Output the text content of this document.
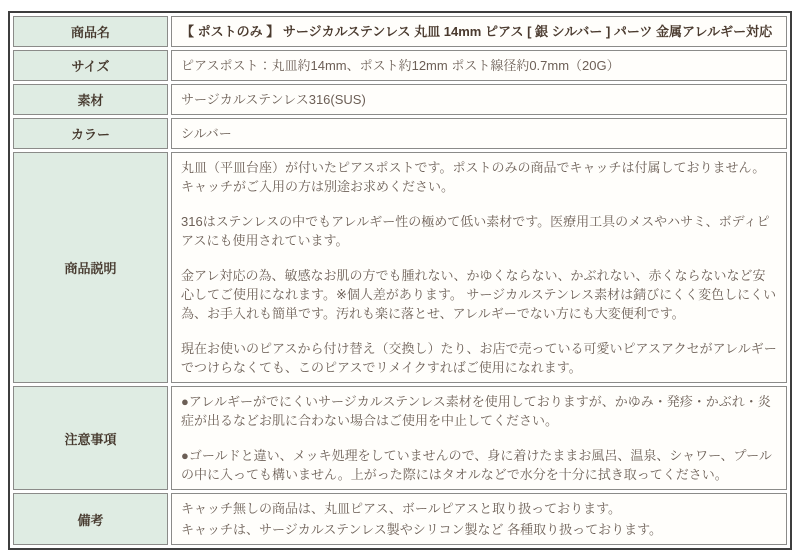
商品名	【 ポストのみ 】 サージカルステンレス 丸皿 14mm ピアス [ 銀 シルバー ] パーツ 金属アレルギー対応
サイズ	ピアスポスト：丸皿約14mm、ポスト約12mm ポスト線径約0.7mm（20G）
素材	サージカルステンレス316(SUS)
カラー	シルバー
商品説明	丸皿（平皿台座）が付いたピアスポストです。ポストのみの商品でキャッチは付属しておりません。キャッチがご入用の方は別途お求めください。

316はステンレスの中でもアレルギー性の極めて低い素材です。医療用工具のメスやハサミ、ボディピアスにも使用されています。

金アレ対応の為、敏感なお肌の方でも腫れない、かゆくならない、かぶれない、赤くならないなど安心してご使用になれます。※個人差があります。 サージカルステンレス素材は錆びにくく変色しにくい為、お手入れも簡単です。汚れも楽に落とせ、アレルギーでない方にも大変便利です。

現在お使いのピアスから付け替え（交換し）たり、お店で売っている可愛いピアスアクセがアレルギーでつけらなくても、このピアスでリメイクすればご使用になれます。

注意事項	●アレルギーがでにくいサージカルステンレス素材を使用しておりますが、かゆみ・発疹・かぶれ・炎症が出るなどお肌に合わない場合はご使用を中止してください。

●ゴールドと違い、メッキ処理をしていませんので、身に着けたままお風呂、温泉、シャワー、プールの中に入っても構いません。上がった際にはタオルなどで水分を十分に拭き取ってください。

備考	キャッチ無しの商品は、丸皿ピアス、ボールピアスと取り扱っております。

キャッチは、サージカルステンレス製やシリコン製など 各種取り扱っております。
